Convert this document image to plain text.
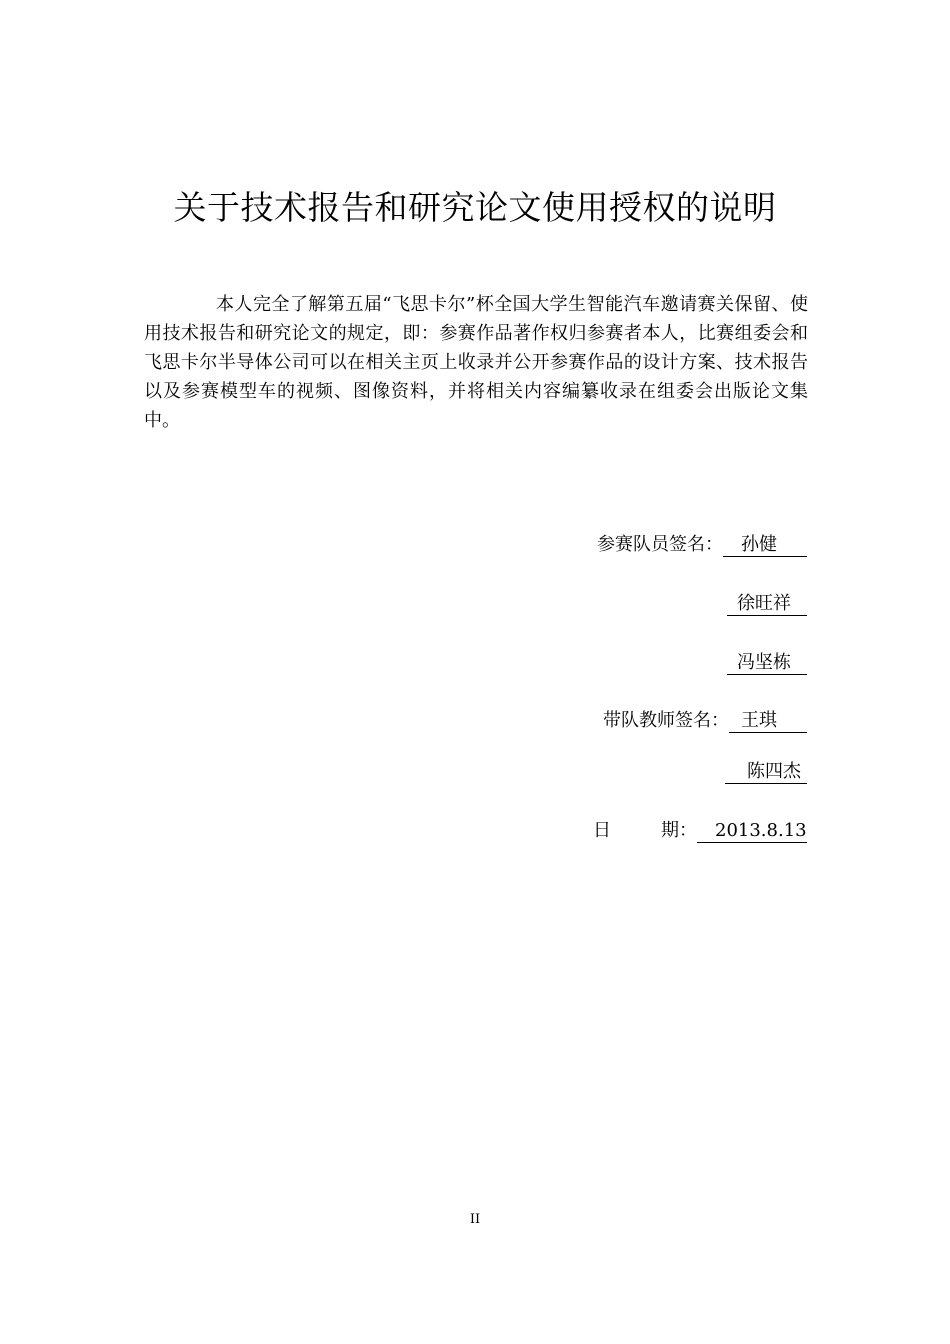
关于技术报告和研究论文使用授权的说明

本人完全了解第五届“飞思卡尔”杯全国大学生智能汽车邀请赛关保留、使用技术报告和研究论文的规定，即：参赛作品著作权归参赛者本人，比赛组委会和飞思卡尔半导体公司可以在相关主页上收录并公开参赛作品的设计方案、技术报告以及参赛模型车的视频、图像资料，并将相关内容编纂收录在组委会出版论文集中。

参赛队员签名： 孙健
徐旺祥
冯坚栋
带队教师签名： 王琪
陈四杰
日	期： 2013.8.13
II
